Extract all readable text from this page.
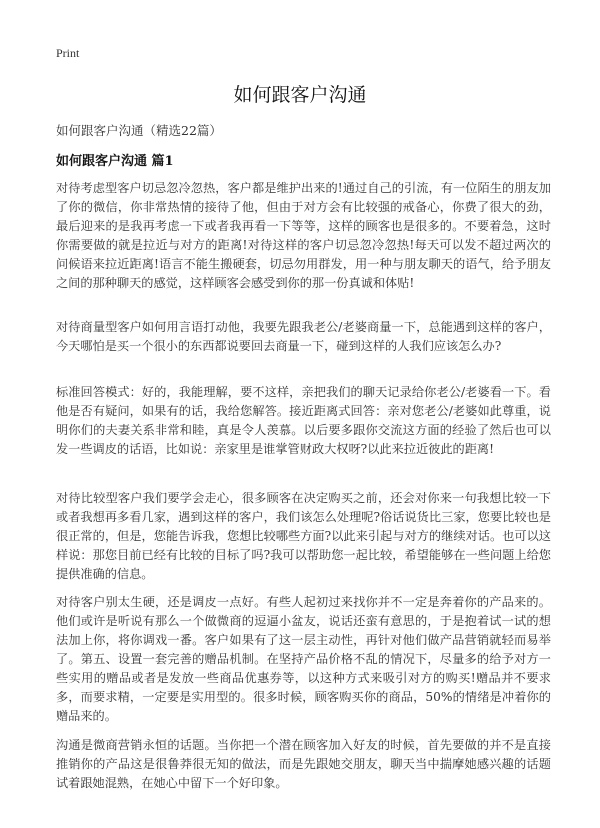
Print
如何跟客户沟通
如何跟客户沟通（精选22篇）
如何跟客户沟通 篇1

对待考虑型客户切忌忽冷忽热，客户都是维护出来的!通过自己的引流，有一位陌生的朋友加了你的微信，你非常热情的接待了他，但由于对方会有比较强的戒备心，你费了很大的劲，最后迎来的是我再考虑一下或者我再看一下等等，这样的顾客也是很多的。不要着急，这时你需要做的就是拉近与对方的距离!对待这样的客户切忌忽冷忽热!每天可以发不超过两次的问候语来拉近距离!语言不能生搬硬套，切忌勿用群发，用一种与朋友聊天的语气，给予朋友之间的那种聊天的感觉，这样顾客会感受到你的那一份真诚和体贴!

对待商量型客户如何用言语打动他，我要先跟我老公/老婆商量一下，总能遇到这样的客户，今天哪怕是买一个很小的东西都说要回去商量一下，碰到这样的人我们应该怎么办?

标准回答模式：好的，我能理解，要不这样，亲把我们的聊天记录给你老公/老婆看一下。看他是否有疑问，如果有的话，我给您解答。接近距离式回答：亲对您老公/老婆如此尊重，说明你们的夫妻关系非常和睦，真是令人羡慕。以后要多跟你交流这方面的经验了然后也可以发一些调皮的话语，比如说：亲家里是谁掌管财政大权呀?以此来拉近彼此的距离!

对待比较型客户我们要学会走心，很多顾客在决定购买之前，还会对你来一句我想比较一下或者我想再多看几家，遇到这样的客户，我们该怎么处理呢?俗话说货比三家，您要比较也是很正常的，但是，您能告诉我，您想比较哪些方面?以此来引起与对方的继续对话。也可以这样说：那您目前已经有比较的目标了吗?我可以帮助您一起比较，希望能够在一些问题上给您提供准确的信息。

对待客户别太生硬，还是调皮一点好。有些人起初过来找你并不一定是奔着你的产品来的。他们或许是听说有那么一个做微商的逗逼小盆友，说话还蛮有意思的，于是抱着试一试的想法加上你，将你调戏一番。客户如果有了这一层主动性，再针对他们做产品营销就轻而易举了。第五、设置一套完善的赠品机制。在坚持产品价格不乱的情况下，尽量多的给予对方一些实用的赠品或者是发放一些商品优惠券等，以这种方式来吸引对方的购买!赠品并不要求多，而要求精，一定要是实用型的。很多时候，顾客购买你的商品，50%的情绪是冲着你的赠品来的。

沟通是微商营销永恒的话题。当你把一个潜在顾客加入好友的时候，首先要做的并不是直接推销你的产品这是很鲁莽很无知的做法，而是先跟她交朋友，聊天当中揣摩她感兴趣的话题试着跟她混熟，在她心中留下一个好印象。
